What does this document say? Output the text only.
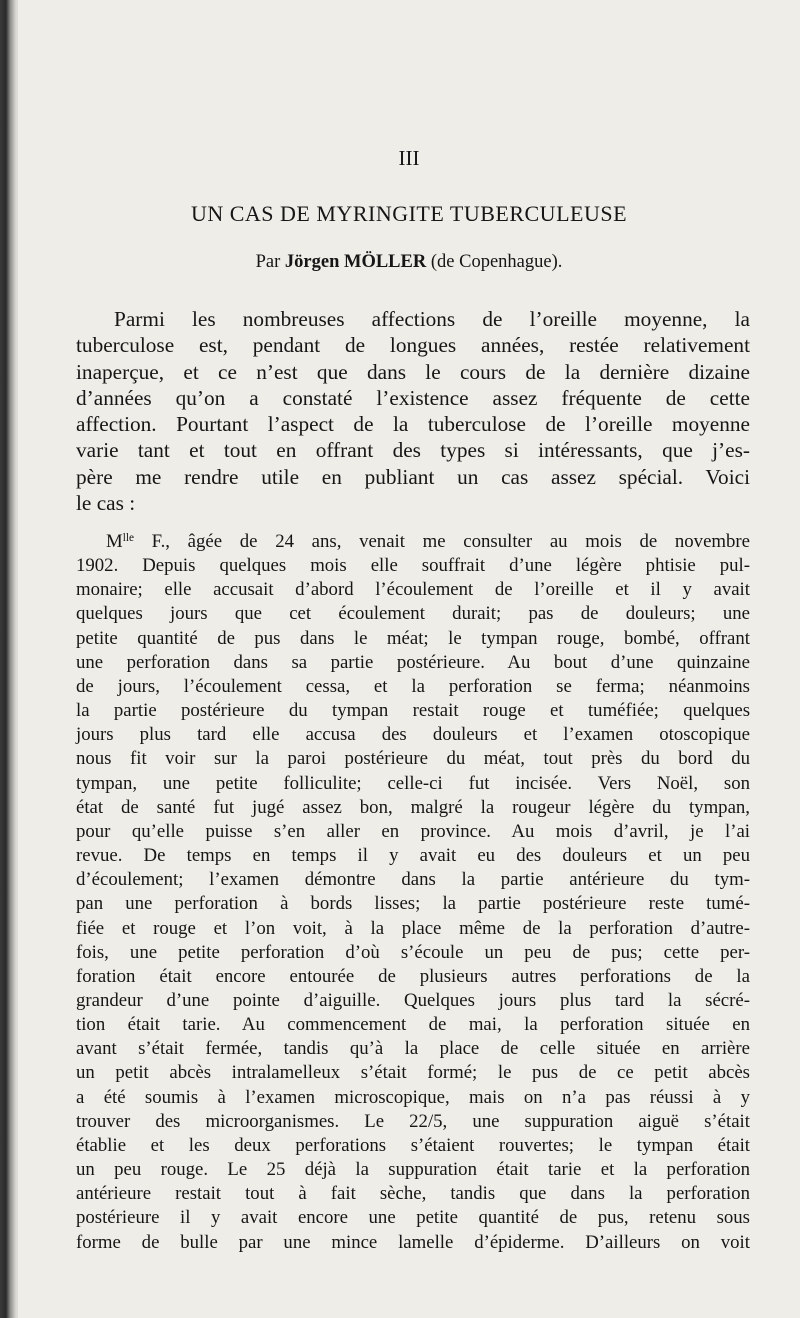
III
UN CAS DE MYRINGITE TUBERCULEUSE
Par Jörgen MÖLLER (de Copenhague).
Parmi les nombreuses affections de l’oreille moyenne, la
tuberculose est, pendant de longues années, restée relativement
inaperçue, et ce n’est que dans le cours de la dernière dizaine
d’années qu’on a constaté l’existence assez fréquente de cette
affection. Pourtant l’aspect de la tuberculose de l’oreille moyenne
varie tant et tout en offrant des types si intéressants, que j’es-
père me rendre utile en publiant un cas assez spécial. Voici
le cas :
$M^{lle}$ F., âgée de 24 ans, venait me consulter au mois de novembre
1902. Depuis quelques mois elle souffrait d’une légère phtisie pul-
monaire; elle accusait d’abord l’écoulement de l’oreille et il y avait
quelques jours que cet écoulement durait; pas de douleurs; une
petite quantité de pus dans le méat; le tympan rouge, bombé, offrant
une perforation dans sa partie postérieure. Au bout d’une quinzaine
de jours, l’écoulement cessa, et la perforation se ferma; néanmoins
la partie postérieure du tympan restait rouge et tuméfiée; quelques
jours plus tard elle accusa des douleurs et l’examen otoscopique
nous fit voir sur la paroi postérieure du méat, tout près du bord du
tympan, une petite folliculite; celle-ci fut incisée. Vers Noël, son
état de santé fut jugé assez bon, malgré la rougeur légère du tympan,
pour qu’elle puisse s’en aller en province. Au mois d’avril, je l’ai
revue. De temps en temps il y avait eu des douleurs et un peu
d’écoulement; l’examen démontre dans la partie antérieure du tym-
pan une perforation à bords lisses; la partie postérieure reste tumé-
fiée et rouge et l’on voit, à la place même de la perforation d’autre-
fois, une petite perforation d’où s’écoule un peu de pus; cette per-
foration était encore entourée de plusieurs autres perforations de la
grandeur d’une pointe d’aiguille. Quelques jours plus tard la sécré-
tion était tarie. Au commencement de mai, la perforation située en
avant s’était fermée, tandis qu’à la place de celle située en arrière
un petit abcès intralamelleux s’était formé; le pus de ce petit abcès
a été soumis à l’examen microscopique, mais on n’a pas réussi à y
trouver des microorganismes. Le 22/5, une suppuration aiguë s’était
établie et les deux perforations s’étaient rouvertes; le tympan était
un peu rouge. Le 25 déjà la suppuration était tarie et la perforation
antérieure restait tout à fait sèche, tandis que dans la perforation
postérieure il y avait encore une petite quantité de pus, retenu sous
forme de bulle par une mince lamelle d’épiderme. D’ailleurs on voit
